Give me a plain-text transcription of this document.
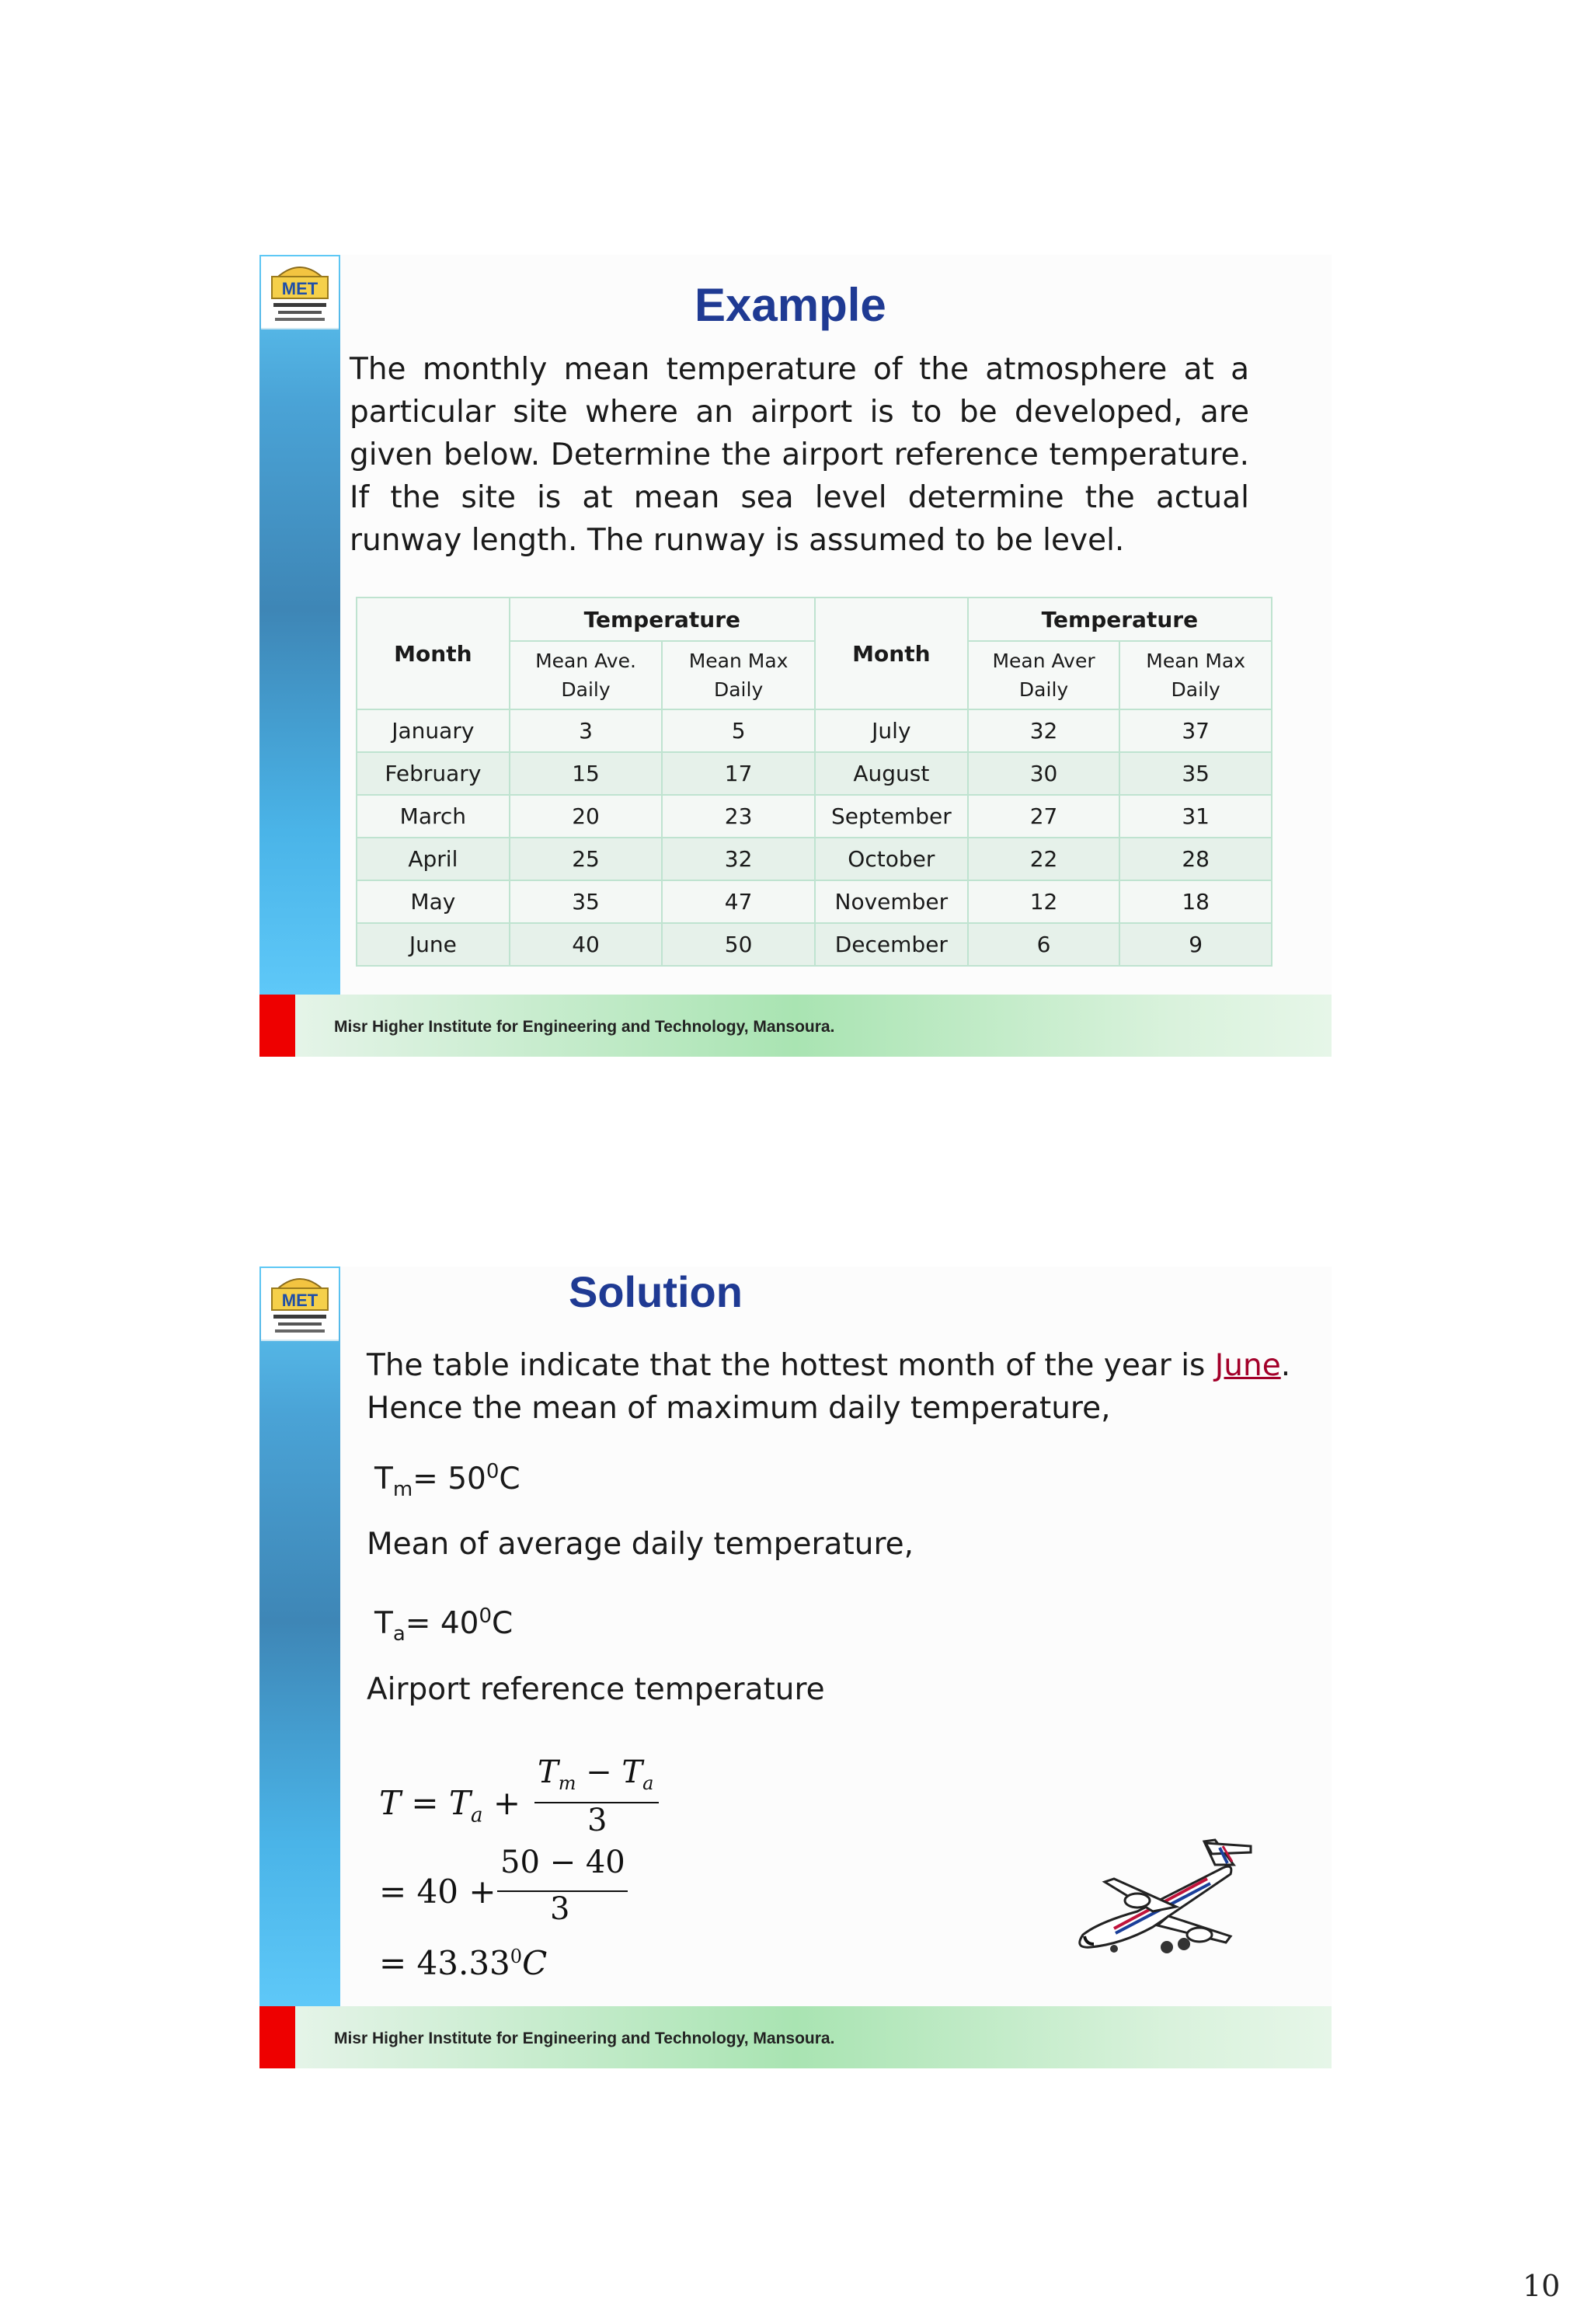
MET	Example
The monthly mean temperature of the atmosphere at a particular site where an airport is to be developed, are given below. Determine the airport reference temperature. If the site is at mean sea level determine the actual runway length. The runway is assumed to be level.
Month	Temperature		Month	Temperature	
	Mean Ave. Daily	Mean Max Daily		Mean Aver Daily	Mean Max Daily
January	3	5	July	32	37
February	15	17	August	30	35
March	20	23	September	27	31
April	25	32	October	22	28
May	35	47	November	12	18
June	40	50	December	6	9
Misr Higher Institute for Engineering and Technology, Mansoura.
MET	Solution
The table indicate that the hottest month of the year is June.
Hence the mean of maximum daily temperature,
$T_m= 50^0C$
Mean of average daily temperature,
$T_a= 40^0C$
Airport reference temperature
$T = T_a$ +
$T_m - T_a$
3
= 40 +
50 − 40
3
= $43.33^0C$
Misr Higher Institute for Engineering and Technology, Mansoura.
10
